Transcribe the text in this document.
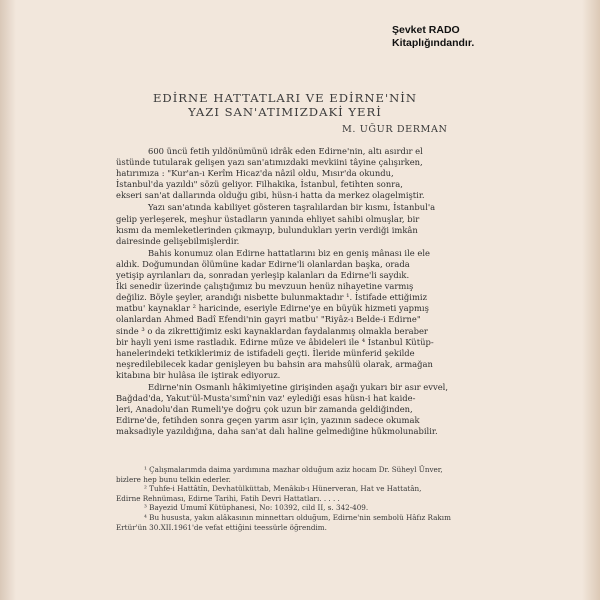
Şevket RADO
Kitaplığındandır.
EDİRNE HATTATLARI VE EDİRNE'NİN
YAZI SAN'ATIMIZDAKİ YERİ
M. UĞUR DERMAN

600 üncü fetih yıldönümünü idrâk eden Edirne'nin, altı asırdır el
üstünde tutularak gelişen yazı san'atımızdaki mevkiini tâyine çalışırken,
hatırımıza : "Kur'an-ı Kerîm Hicaz'da nâzil oldu, Mısır'da okundu,
İstanbul'da yazıldı" sözü geliyor. Filhakika, İstanbul, fetihten sonra,
ekseri san'at dallarında olduğu gibi, hüsn-i hatta da merkez olagelmiştir.

Yazı san'atında kabiliyet gösteren taşralılardan bir kısmı, İstanbul'a
gelip yerleşerek, meşhur üstadların yanında ehliyet sahibi olmuşlar, bir
kısmı da memleketlerinden çıkmayıp, bulundukları yerin verdiği imkân
dairesinde gelişebilmişlerdir.

Bahis konumuz olan Edirne hattatlarını biz en geniş mânası ile ele
aldık. Doğumundan ölümüne kadar Edirne'li olanlardan başka, orada
yetişip ayrılanları da, sonradan yerleşip kalanları da Edirne'li saydık.
İki senedir üzerinde çalıştığımız bu mevzuun henüz nihayetine varmış
değiliz. Böyle şeyler, arandığı nisbette bulunmaktadır ¹. İstifade ettiğimiz
matbu' kaynaklar ² haricinde, eseriyle Edirne'ye en büyük hizmeti yapmış
olanlardan Ahmed Badî Efendi'nin gayri matbu' "Riyâz-ı Belde-i Edirne"
sinde ³ o da zikrettiğimiz eski kaynaklardan faydalanmış olmakla beraber
bir hayli yeni isme rastladık. Edirne müze ve âbideleri ile ⁴ İstanbul Kütüp-
hanelerindeki tetkiklerimiz de istifadeli geçti. İleride münferid şekilde
neşredilebilecek kadar genişleyen bu bahsin ara mahsûlü olarak, armağan
kitabına bir hulâsa ile iştirak ediyoruz.

Edirne'nin Osmanlı hâkimiyetine girişinden aşağı yukarı bir asır evvel,
Bağdad'da, Yakut'ül-Musta'sımî'nin vaz' eylediği esas hüsn-i hat kaide-
leri, Anadolu'dan Rumeli'ye doğru çok uzun bir zamanda geldiğinden,
Edirne'de, fetihden sonra geçen yarım asır için, yazının sadece okumak
maksadiyle yazıldığına, daha san'at dalı haline gelmediğine hükmolunabilir.

¹ Çalışmalarımda daima yardımına mazhar olduğum aziz hocam Dr. Süheyl Ünver,
bizlere hep bunu telkin ederler.
² Tuhfe-i Hattâtîn, Devhatülküttab, Menâkıb-ı Hünerveran, Hat ve Hattatân,
Edirne Rehnüması, Edirne Tarihi, Fatih Devri Hattatları. . . . .
³ Bayezid Umumî Kütüphanesi, No: 10392, cild II, s. 342-409.
⁴ Bu hususta, yakın alâkasının minnettarı olduğum, Edirne'nin sembolü Hâfız Rakım
Ertür'ün 30.XII.1961'de vefat ettiğini teessürle öğrendim.
